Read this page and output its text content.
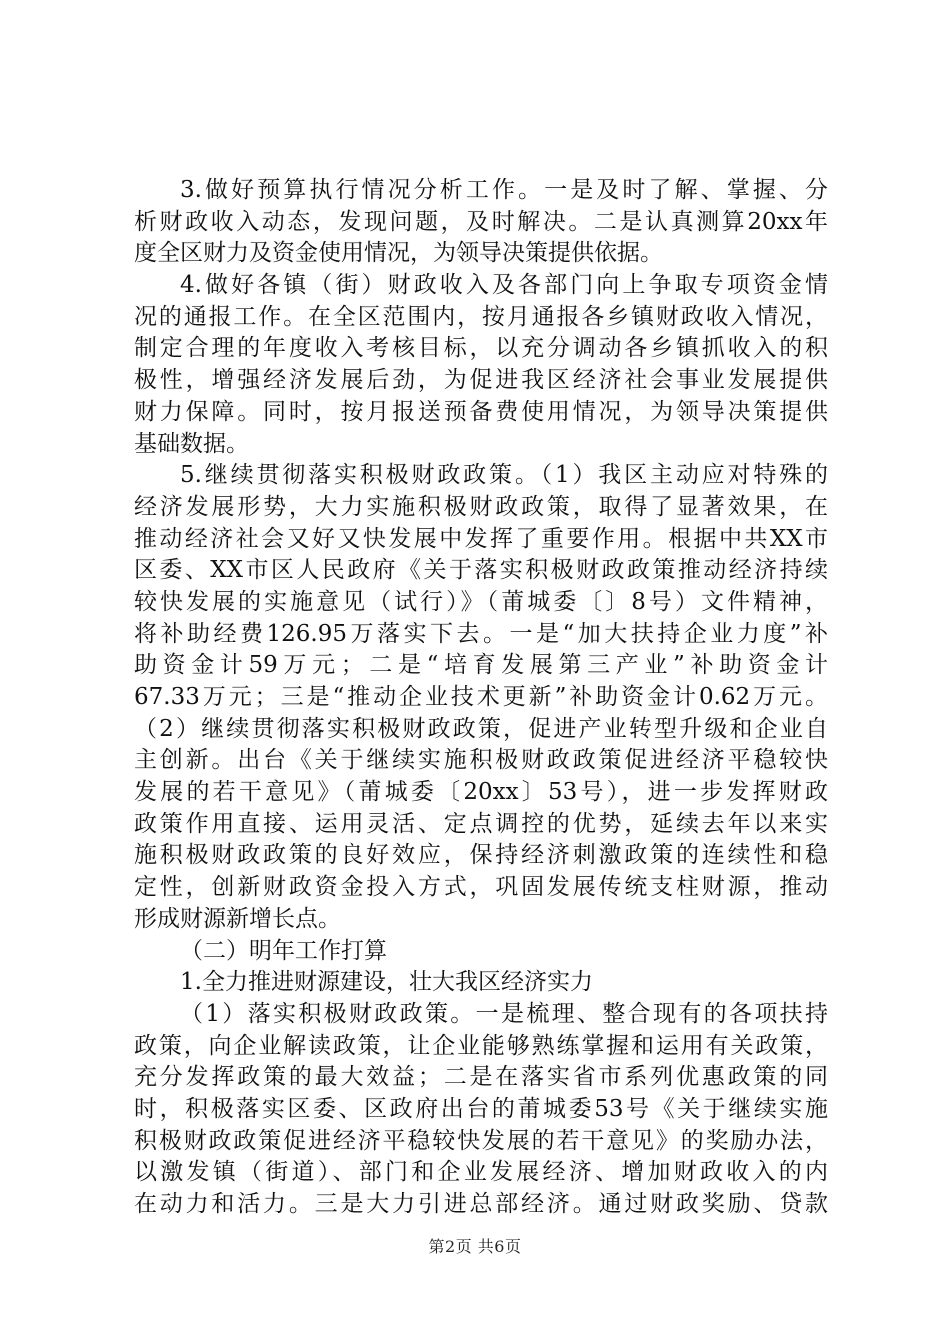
3.做好预算执行情况分析工作。一是及时了解、掌握、分
析财政收入动态，发现问题，及时解决。二是认真测算20xx年
度全区财力及资金使用情况，为领导决策提供依据。
4.做好各镇（街）财政收入及各部门向上争取专项资金情
况的通报工作。在全区范围内，按月通报各乡镇财政收入情况，
制定合理的年度收入考核目标，以充分调动各乡镇抓收入的积
极性，增强经济发展后劲，为促进我区经济社会事业发展提供
财力保障。同时，按月报送预备费使用情况，为领导决策提供
基础数据。
5.继续贯彻落实积极财政政策。（1）我区主动应对特殊的
经济发展形势，大力实施积极财政政策，取得了显著效果，在
推动经济社会又好又快发展中发挥了重要作用。根据中共XX市
区委、XX市区人民政府《关于落实积极财政政策推动经济持续
较快发展的实施意见（试行）》（莆城委〔〕8号）文件精神，
将补助经费126.95万落实下去。一是“加大扶持企业力度”补
助资金计59万元；二是“培育发展第三产业”补助资金计
67.33万元；三是“推动企业技术更新”补助资金计0.62万元。
（2）继续贯彻落实积极财政政策，促进产业转型升级和企业自
主创新。出台《关于继续实施积极财政政策促进经济平稳较快
发展的若干意见》（莆城委〔20xx〕53号），进一步发挥财政
政策作用直接、运用灵活、定点调控的优势，延续去年以来实
施积极财政政策的良好效应，保持经济刺激政策的连续性和稳
定性，创新财政资金投入方式，巩固发展传统支柱财源，推动
形成财源新增长点。
（二）明年工作打算
1.全力推进财源建设，壮大我区经济实力
（1）落实积极财政政策。一是梳理、整合现有的各项扶持
政策，向企业解读政策，让企业能够熟练掌握和运用有关政策，
充分发挥政策的最大效益；二是在落实省市系列优惠政策的同
时，积极落实区委、区政府出台的莆城委53号《关于继续实施
积极财政政策促进经济平稳较快发展的若干意见》的奖励办法，
以激发镇（街道）、部门和企业发展经济、增加财政收入的内
在动力和活力。三是大力引进总部经济。通过财政奖励、贷款
第2页 共6页
